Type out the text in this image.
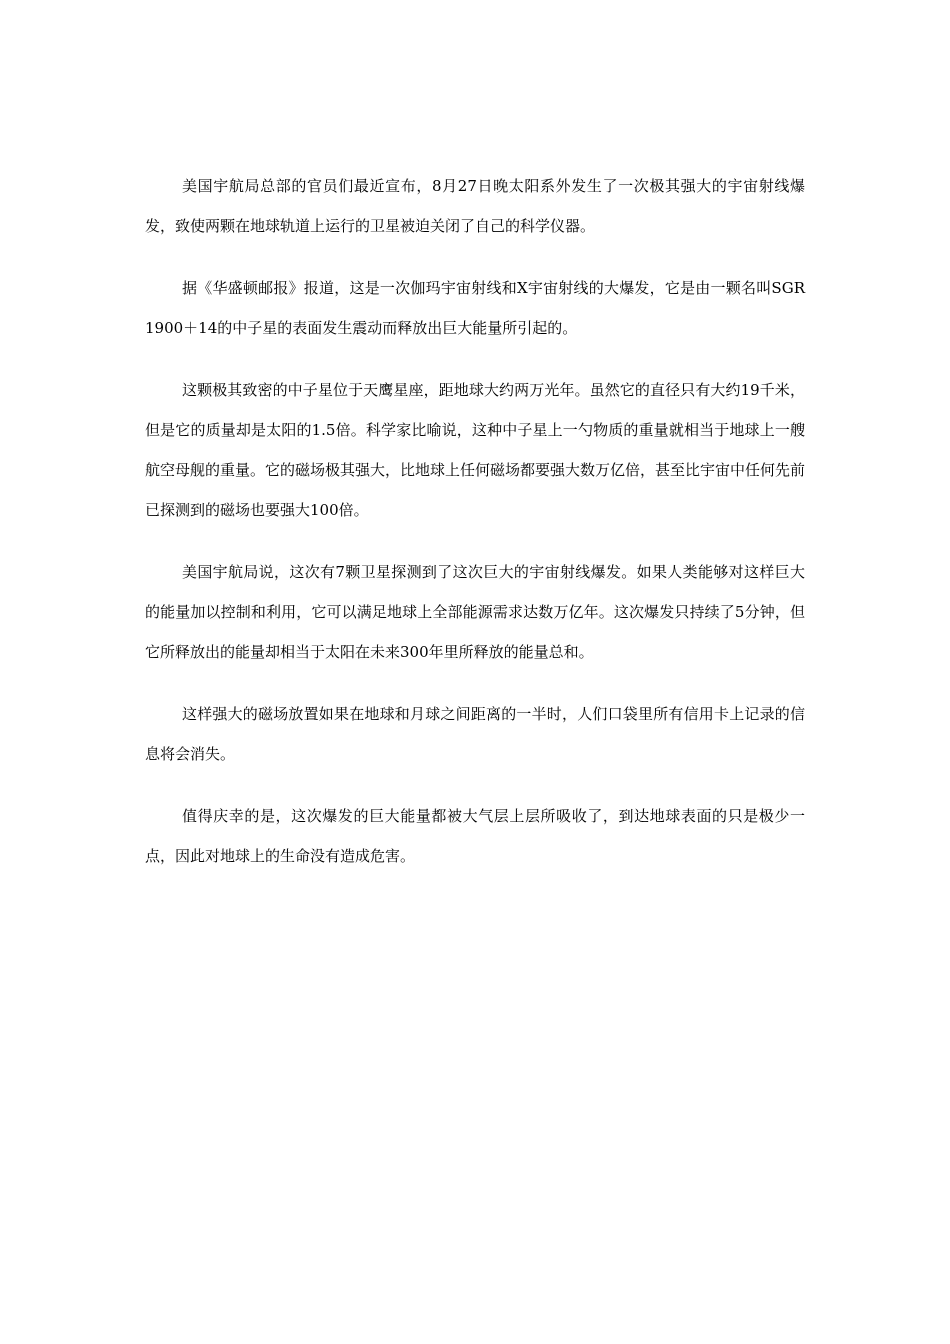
美国宇航局总部的官员们最近宣布，8月27日晚太阳系外发生了一次极其强大的宇宙射线爆发，致使两颗在地球轨道上运行的卫星被迫关闭了自己的科学仪器。

据《华盛顿邮报》报道，这是一次伽玛宇宙射线和X宇宙射线的大爆发，它是由一颗名叫SGR1900＋14的中子星的表面发生震动而释放出巨大能量所引起的。

这颗极其致密的中子星位于天鹰星座，距地球大约两万光年。虽然它的直径只有大约19千米，但是它的质量却是太阳的1.5倍。科学家比喻说，这种中子星上一勺物质的重量就相当于地球上一艘航空母舰的重量。它的磁场极其强大，比地球上任何磁场都要强大数万亿倍，甚至比宇宙中任何先前已探测到的磁场也要强大100倍。

美国宇航局说，这次有7颗卫星探测到了这次巨大的宇宙射线爆发。如果人类能够对这样巨大的能量加以控制和利用，它可以满足地球上全部能源需求达数万亿年。这次爆发只持续了5分钟，但它所释放出的能量却相当于太阳在未来300年里所释放的能量总和。

这样强大的磁场放置如果在地球和月球之间距离的一半时，人们口袋里所有信用卡上记录的信息将会消失。

值得庆幸的是，这次爆发的巨大能量都被大气层上层所吸收了，到达地球表面的只是极少一点，因此对地球上的生命没有造成危害。
